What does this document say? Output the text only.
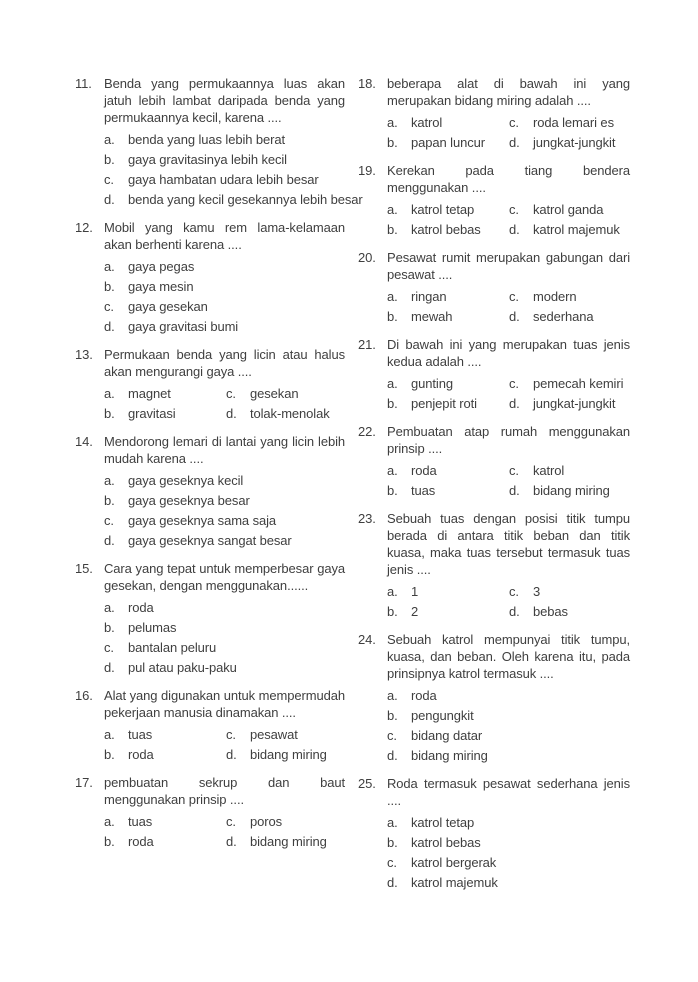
11. Benda yang permukaannya luas akan jatuh lebih lambat daripada benda yang permukaannya kecil, karena ....
a.	benda yang luas lebih berat
b.	gaya gravitasinya lebih kecil
c.	gaya hambatan udara lebih besar
d.	benda yang kecil gesekannya lebih besar
12. Mobil yang kamu rem lama-kelamaan akan berhenti karena ....
a.	gaya pegas
b.	gaya mesin
c.	gaya gesekan
d.	gaya gravitasi bumi
13. Permukaan benda yang licin atau halus akan mengurangi gaya ....
a.	magnet
b.	gravitasi
c.	gesekan
d.	tolak-menolak
14. Mendorong lemari di lantai yang licin lebih mudah karena ....
a.	gaya geseknya kecil
b.	gaya geseknya besar
c.	gaya geseknya sama saja
d.	gaya geseknya sangat besar
15. Cara yang tepat untuk memperbesar gaya gesekan, dengan menggunakan......
a.	roda
b.	pelumas
c.	bantalan peluru
d.	pul atau paku-paku
16. Alat yang digunakan untuk mempermudah pekerjaan manusia dinamakan ....
a.	tuas
b.	roda
c.	pesawat
d.	bidang miring
17. pembuatan sekrup dan baut menggunakan prinsip ....
a.	tuas
b.	roda
c.	poros
d.	bidang miring
18. beberapa alat di bawah ini yang merupakan bidang miring adalah ....
a.	katrol
b.	papan luncur
c.	roda lemari es
d.	jungkat-jungkit
19. Kerekan pada tiang bendera menggunakan ....
a.	katrol tetap
b.	katrol bebas
c.	katrol ganda
d.	katrol majemuk
20. Pesawat rumit merupakan gabungan dari pesawat ....
a.	ringan
b.	mewah
c.	modern
d.	sederhana
21. Di bawah ini yang merupakan tuas jenis kedua adalah ....
a.	gunting
b.	penjepit roti
c.	pemecah kemiri
d.	jungkat-jungkit
22. Pembuatan atap rumah menggunakan prinsip ....
a.	roda
b.	tuas
c.	katrol
d.	bidang miring
23. Sebuah tuas dengan posisi titik tumpu berada di antara titik beban dan titik kuasa, maka tuas tersebut termasuk tuas jenis ....
a.	1
b.	2
c.	3
d.	bebas
24. Sebuah katrol mempunyai titik tumpu, kuasa, dan beban. Oleh karena itu, pada prinsipnya katrol termasuk ....
a.	roda
b.	pengungkit
c.	bidang datar
d.	bidang miring
25. Roda termasuk pesawat sederhana jenis ....
a.	katrol tetap
b.	katrol bebas
c.	katrol bergerak
d.	katrol majemuk
